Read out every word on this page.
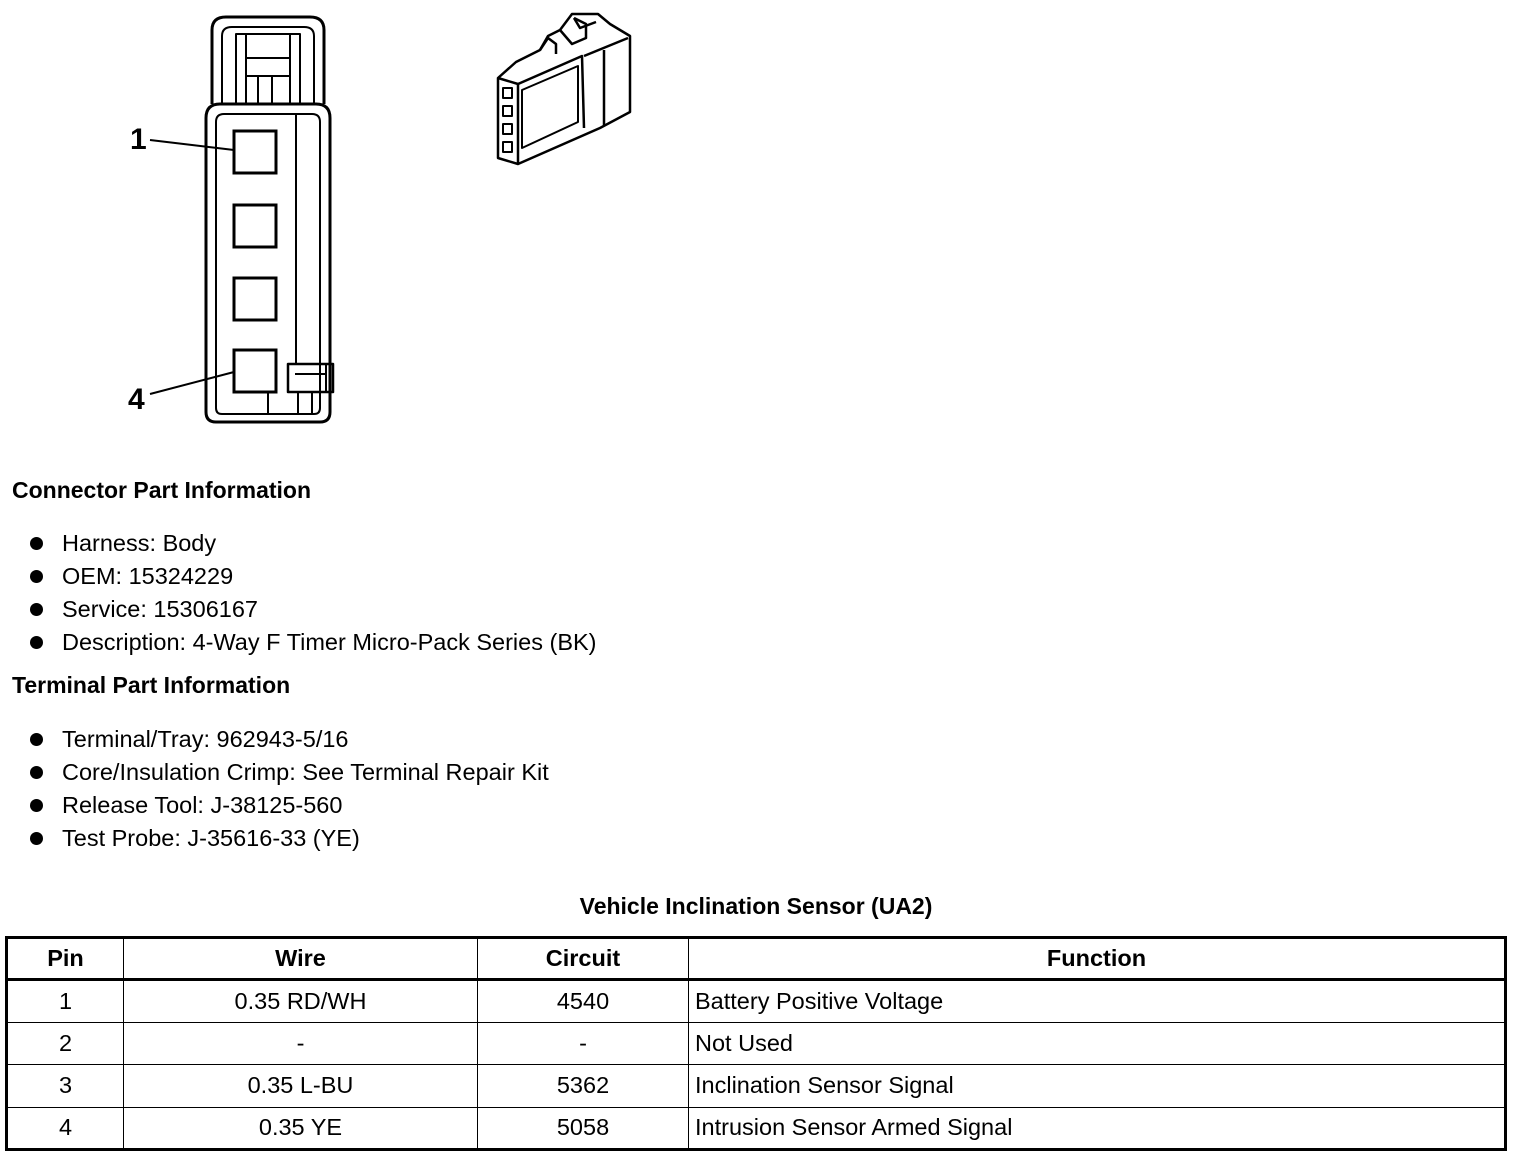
1
4
Connector Part Information
Harness: Body
OEM: 15324229
Service: 15306167
Description: 4-Way F Timer Micro-Pack Series (BK)
Terminal Part Information
Terminal/Tray: 962943-5/16
Core/Insulation Crimp: See Terminal Repair Kit
Release Tool: J-38125-560
Test Probe: J-35616-33 (YE)
Vehicle Inclination Sensor (UA2)
Pin	Wire	Circuit	Function
1	0.35 RD/WH	4540	Battery Positive Voltage
2	-	-	Not Used
3	0.35 L-BU	5362	Inclination Sensor Signal
4	0.35 YE	5058	Intrusion Sensor Armed Signal
